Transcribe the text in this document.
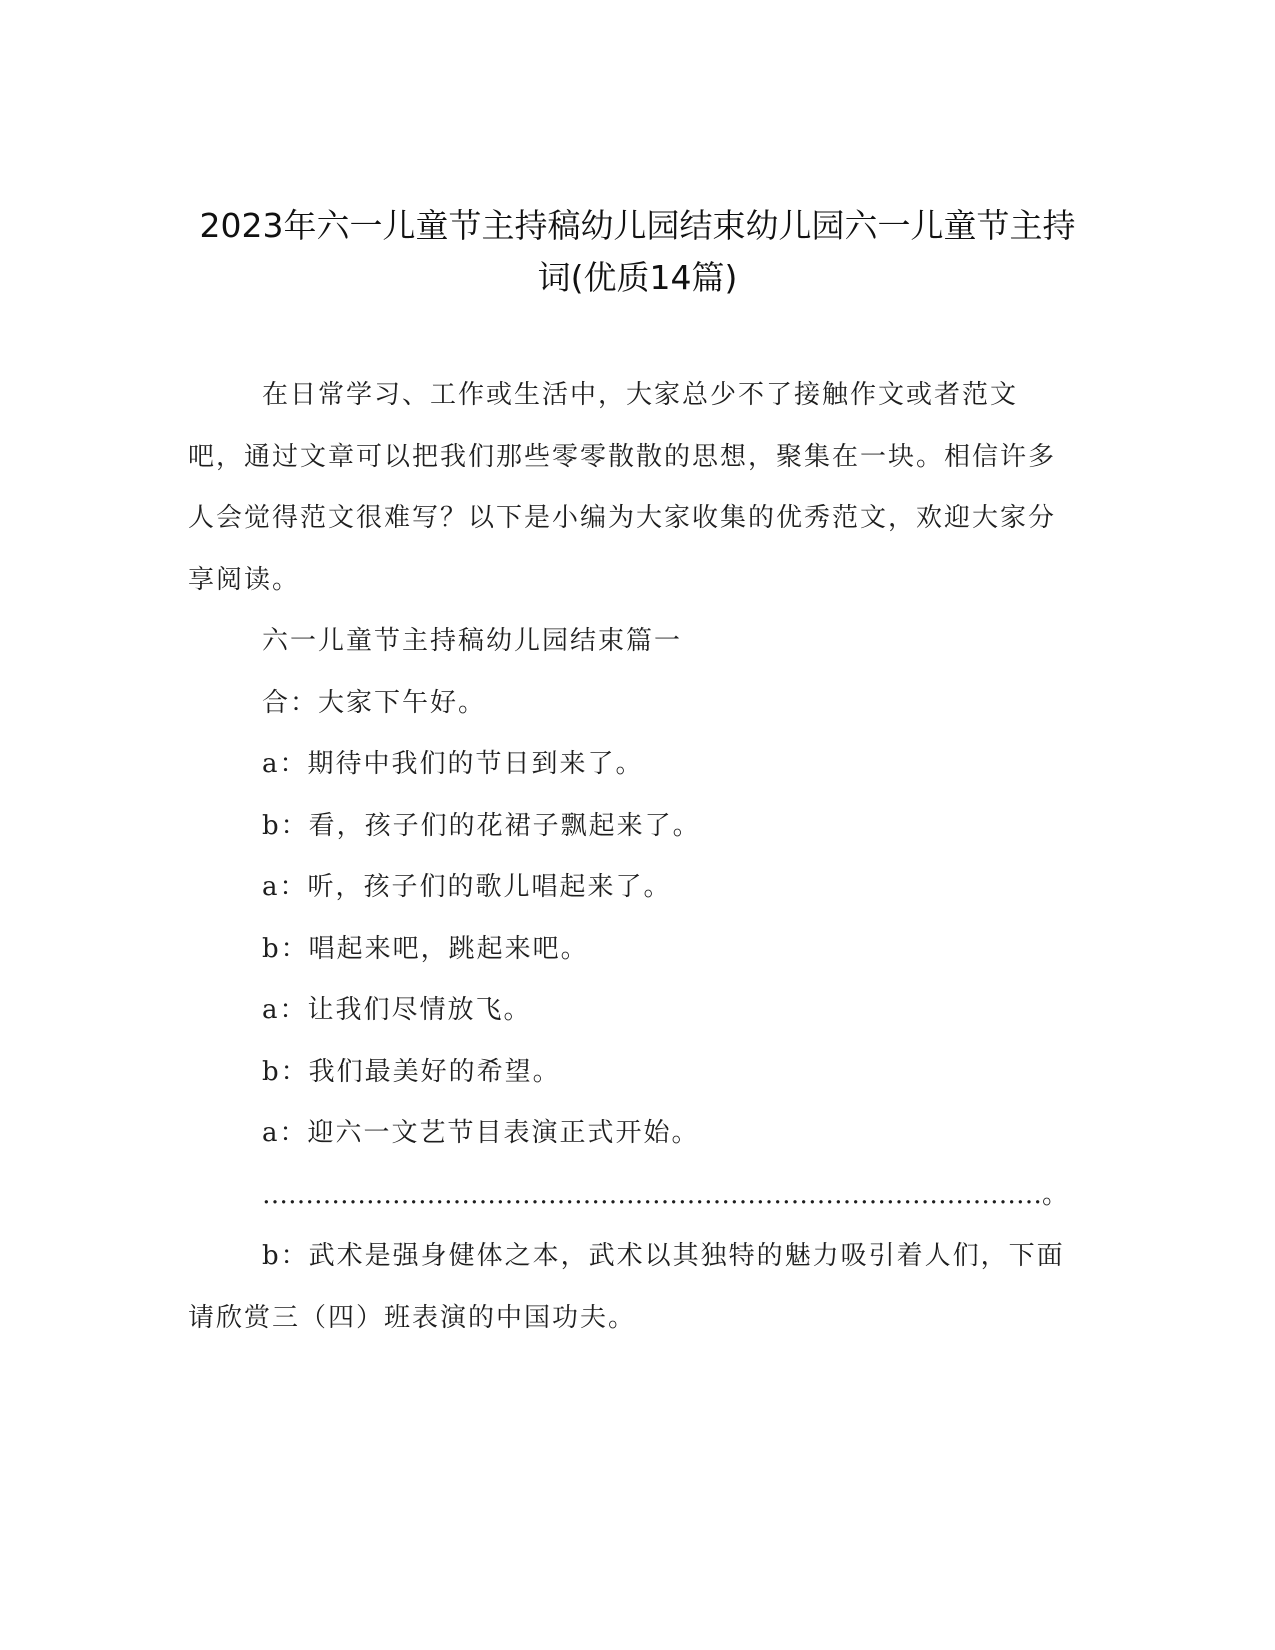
2023年六一儿童节主持稿幼儿园结束幼儿园六一儿童节主持
词(优质14篇)

在日常学习、工作或生活中，大家总少不了接触作文或者范文吧，通过文章可以把我们那些零零散散的思想，聚集在一块。相信许多人会觉得范文很难写？以下是小编为大家收集的优秀范文，欢迎大家分享阅读。

六一儿童节主持稿幼儿园结束篇一

合：大家下午好。

a：期待中我们的节日到来了。

b：看，孩子们的花裙子飘起来了。

a：听，孩子们的歌儿唱起来了。

b：唱起来吧，跳起来吧。

a：让我们尽情放飞。

b：我们最美好的希望。

a：迎六一文艺节目表演正式开始。

………………………………………………………………………………。

b：武术是强身健体之本，武术以其独特的魅力吸引着人们，下面请欣赏三（四）班表演的中国功夫。
